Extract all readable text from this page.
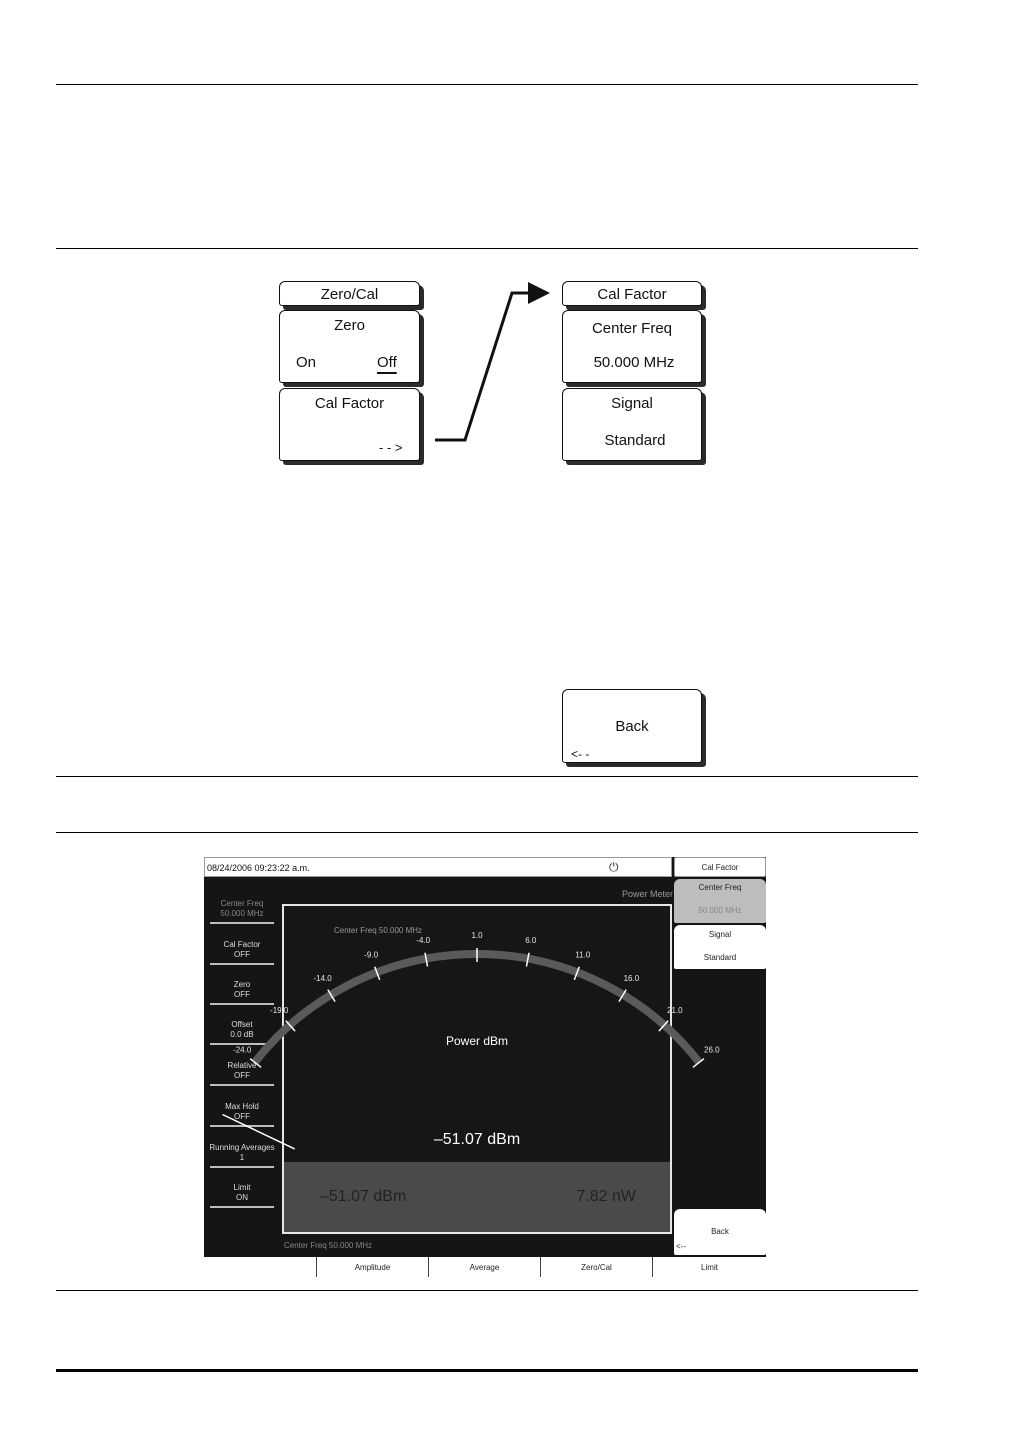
Zero/Cal
Zero
On	Off
Cal Factor
- - >
Cal Factor
Center Freq
50.000 MHz
Signal
Standard
Back
<- -
08/24/2006 09:23:22 a.m.	⏻
Power Meter
Center Freq
50.000 MHz
Cal Factor
OFF
Zero
OFF
Offset
0.0 dB
Relative
OFF
Max Hold
OFF
Running Averages
1
Limit
ON
Center Freq 50.000 MHz
-24.0
-19.0
-14.0
-9.0
-4.0
1.0
6.0
11.0
16.0
21.0
26.0
Power dBm
–51.07 dBm
–51.07 dBm	7.82 nW
Center Freq 50.000 MHz
Cal Factor
Center Freq
50.000 MHz
Signal
Standard
Back
<--
Amplitude	Average	Zero/Cal	Limit
